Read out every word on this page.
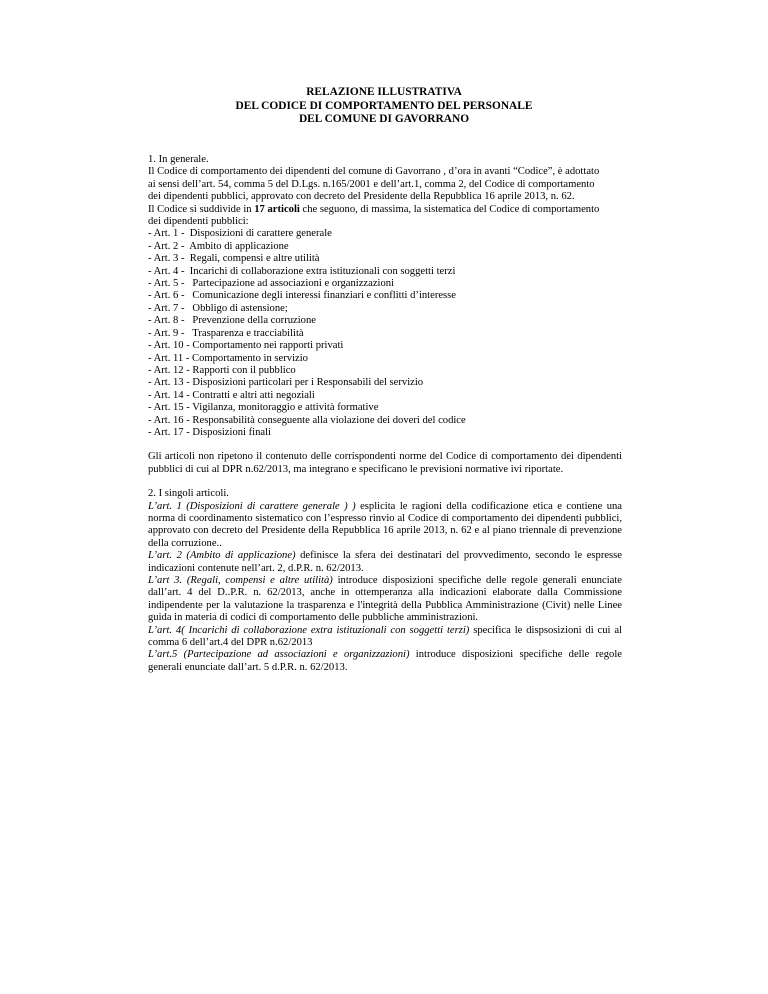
RELAZIONE ILLUSTRATIVA
DEL CODICE DI COMPORTAMENTO DEL PERSONALE
DEL COMUNE DI GAVORRANO
1. In generale.
Il Codice di comportamento dei dipendenti del comune di Gavorrano , d’ora in avanti “Codice”, è adottato
ai sensi dell’art. 54, comma 5 del D.Lgs. n.165/2001 e dell’art.1, comma 2, del Codice di comportamento
dei dipendenti pubblici, approvato con decreto del Presidente della Repubblica 16 aprile 2013, n. 62.
Il Codice si suddivide in 17 articoli che seguono, di massima, la sistematica del Codice di comportamento
dei dipendenti pubblici:
- Art. 1 -  Disposizioni di carattere generale
- Art. 2 -  Ambito di applicazione
- Art. 3 -  Regali, compensi e altre utilità
- Art. 4 -  Incarichi di collaborazione extra istituzionali con soggetti terzi
- Art. 5 -   Partecipazione ad associazioni e organizzazioni
- Art. 6 -   Comunicazione degli interessi finanziari e conflitti d’interesse
- Art. 7 -   Obbligo di astensione;
- Art. 8 -   Prevenzione della corruzione
- Art. 9 -   Trasparenza e tracciabilità
- Art. 10 - Comportamento nei rapporti privati
- Art. 11 - Comportamento in servizio
- Art. 12 - Rapporti con il pubblico
- Art. 13 - Disposizioni particolari per i Responsabili del servizio
- Art. 14 - Contratti e altri atti negoziali
- Art. 15 - Vigilanza, monitoraggio e attività formative
- Art. 16 - Responsabilità conseguente alla violazione dei doveri del codice
- Art. 17 - Disposizioni finali

Gli articoli non ripetono il contenuto delle corrispondenti norme del Codice di comportamento dei dipendenti pubblici di cui al DPR n.62/2013, ma integrano e specificano le previsioni normative ivi riportate.

2. I singoli articoli.

L’art. 1 (Disposizioni di carattere generale ) ) esplicita le ragioni della codificazione etica e contiene una norma di coordinamento sistematico con l’espresso rinvio al Codice di comportamento dei dipendenti pubblici, approvato con decreto del Presidente della Repubblica 16 aprile 2013, n. 62 e al piano triennale di prevenzione della corruzione..

L’art. 2 (Ambito di applicazione) definisce la sfera dei destinatari del provvedimento, secondo le espresse indicazioni contenute nell’art. 2, d.P.R. n. 62/2013.

L’art 3. (Regali, compensi e altre utilità) introduce disposizioni specifiche delle regole generali enunciate dall’art. 4 del D..P.R. n. 62/2013, anche in ottemperanza alla indicazioni elaborate dalla Commissione indipendente per la valutazione la trasparenza e l'integrità della Pubblica Amministrazione (Civit) nelle Linee guida in materia di codici di comportamento delle pubbliche amministrazioni.

L’art. 4( Incarichi di collaborazione extra istituzionali con soggetti terzi) specifica le dispsosizioni di cui al comma 6 dell’art.4 del DPR n.62/2013

L’art.5 (Partecipazione ad associazioni e organizzazioni) introduce disposizioni specifiche delle regole generali enunciate dall’art. 5 d.P.R. n. 62/2013.
